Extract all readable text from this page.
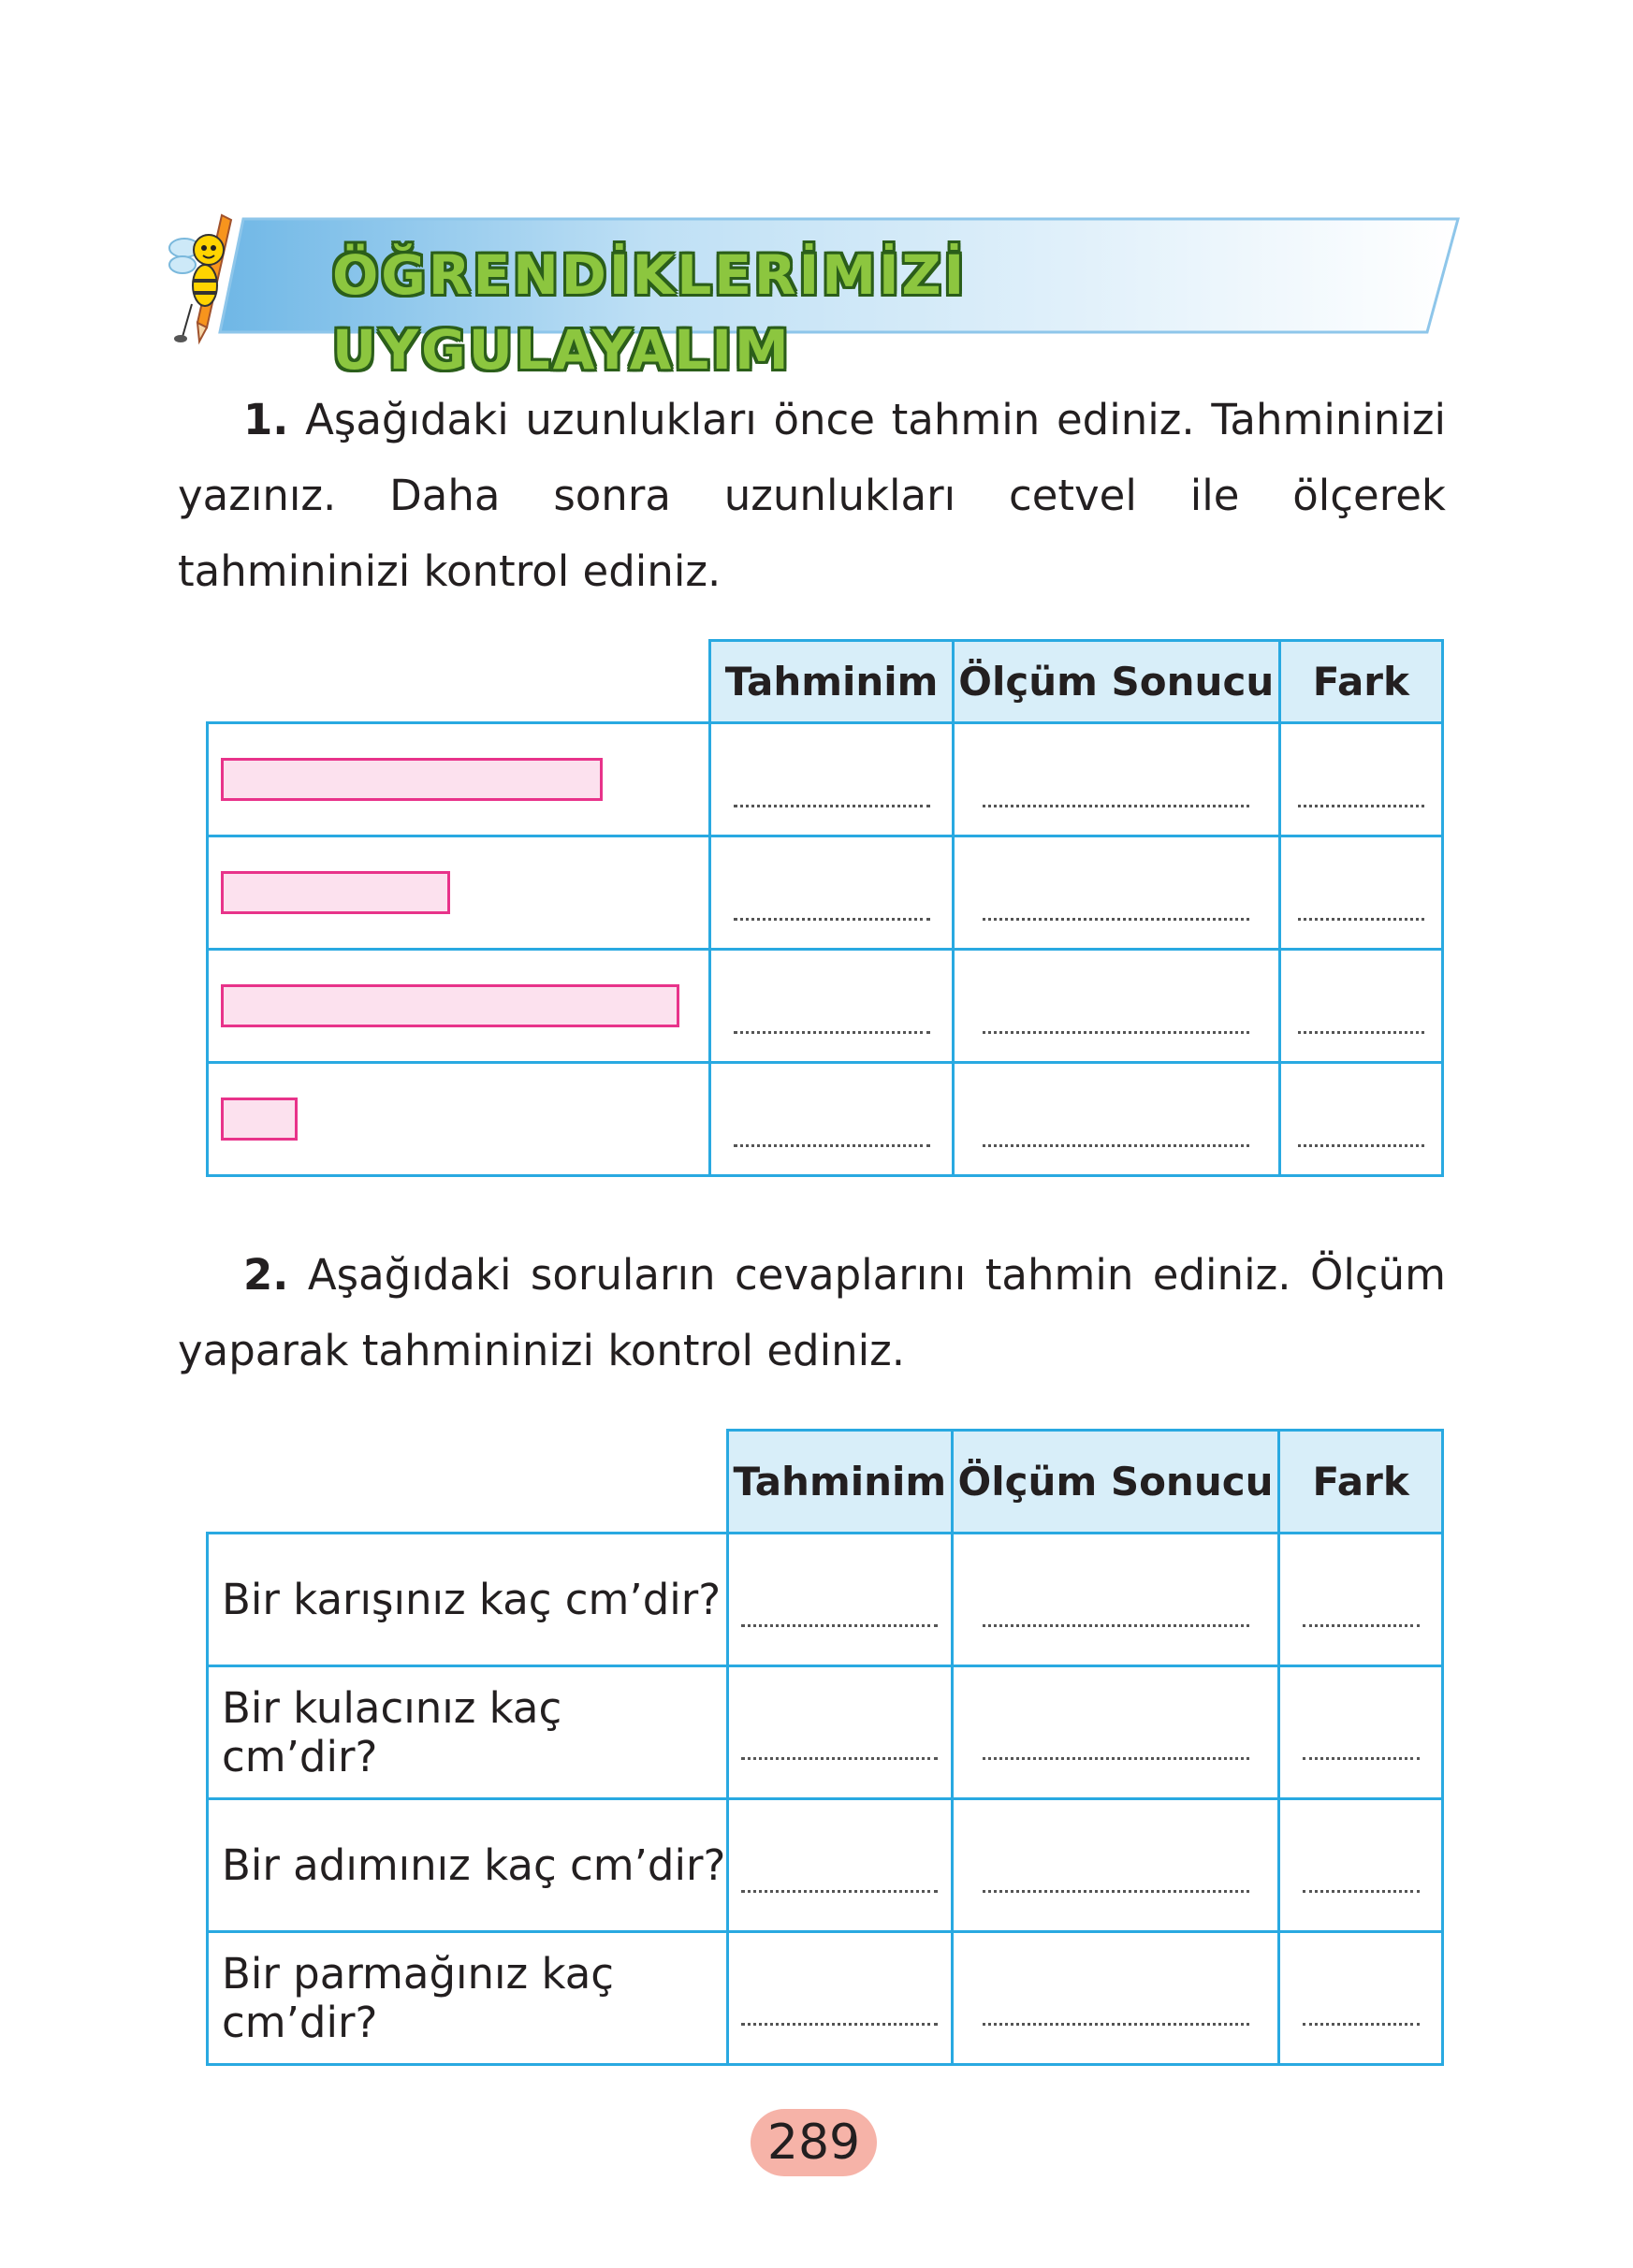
ÖĞRENDİKLERİMİZİ UYGULAYALIM
1. Aşağıdaki uzunlukları önce tahmin ediniz. Tahmininizi yazınız. Daha sonra uzunlukları cetvel ile ölçerek tahmininizi kontrol ediniz.
	Tahminim	Ölçüm Sonucu	Fark

2. Aşağıdaki soruların cevaplarını tahmin ediniz. Ölçüm yaparak tahmininizi kontrol ediniz.
	Tahminim	Ölçüm Sonucu	Fark
Bir karışınız kaç cm’dir?	

Bir kulacınız kaç cm’dir?	

Bir adımınız kaç cm’dir?	

Bir parmağınız kaç cm’dir?	

289
